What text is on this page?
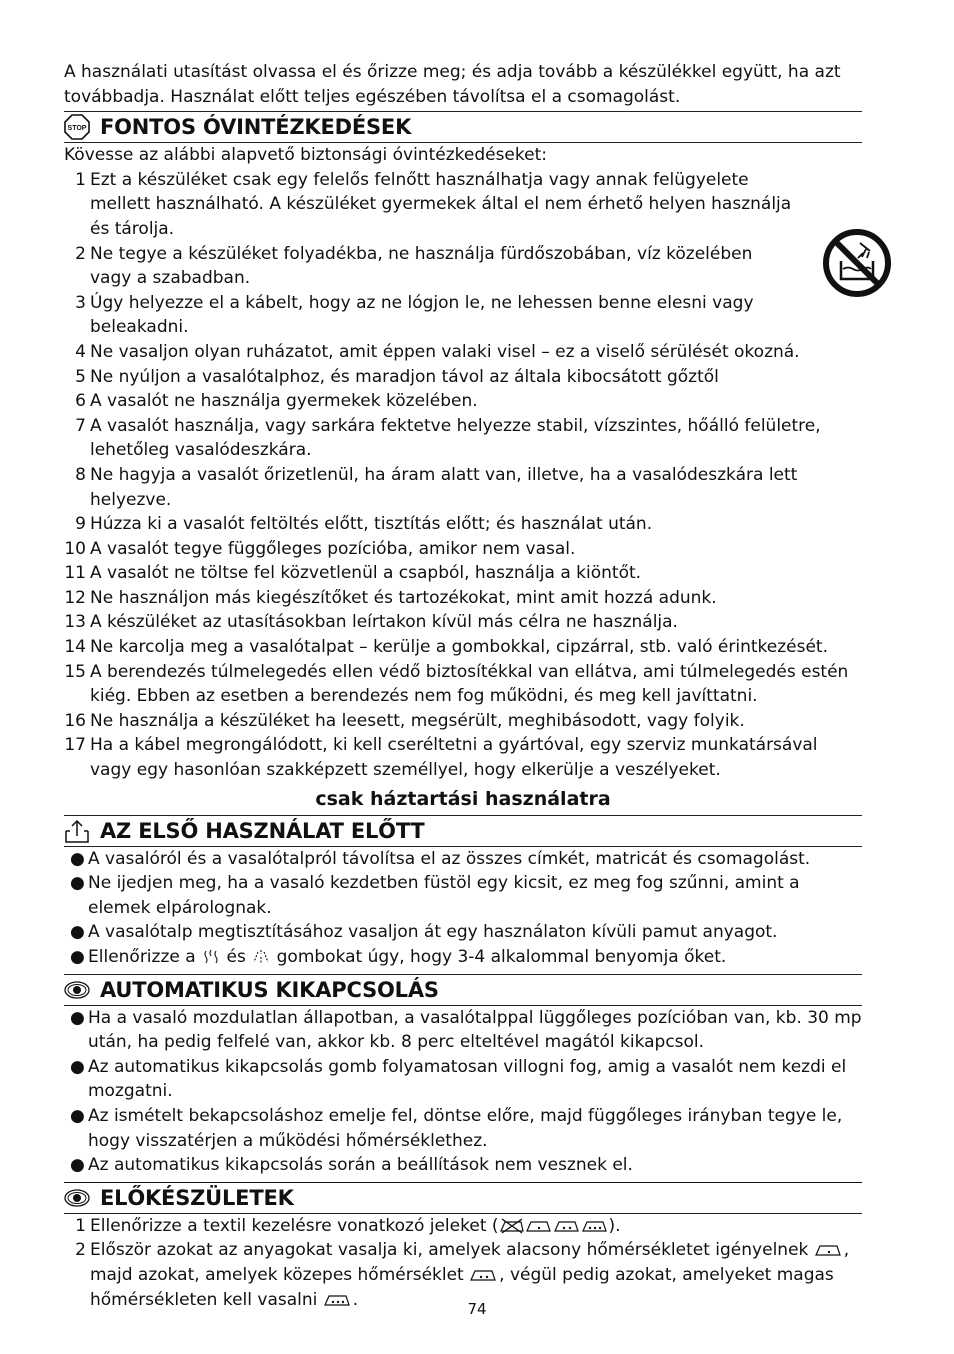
A használati utasítást olvassa el és őrizze meg; és adja tovább a készülékkel együtt, ha azt továbbadja. Használat előtt teljes egészében távolítsa el a csomagolást.

STOP FONTOS ÓVINTÉZKEDÉSEK
Kövesse az alábbi alapvető biztonsági óvintézkedéseket:
1 Ezt a készüléket csak egy felelős felnőtt használhatja vagy annak felügyelete mellett használható. A készüléket gyermekek által el nem érhető helyen használja és tárolja.
2 Ne tegye a készüléket folyadékba, ne használja fürdőszobában, víz közelében vagy a szabadban.
3 Úgy helyezze el a kábelt, hogy az ne lógjon le, ne lehessen benne elesni vagy beleakadni.
4 Ne vasaljon olyan ruházatot, amit éppen valaki visel – ez a viselő sérülését okozná.
5 Ne nyúljon a vasalótalphoz, és maradjon távol az általa kibocsátott gőztől
6 A vasalót ne használja gyermekek közelében.
7 A vasalót használja, vagy sarkára fektetve helyezze stabil, vízszintes, hőálló felületre, lehetőleg vasalódeszkára.
8 Ne hagyja a vasalót őrizetlenül, ha áram alatt van, illetve, ha a vasalódeszkára lett helyezve.
9 Húzza ki a vasalót feltöltés előtt, tisztítás előtt; és használat után.
10 A vasalót tegye függőleges pozícióba, amikor nem vasal.
11 A vasalót ne töltse fel közvetlenül a csapból, használja a kiöntőt.
12 Ne használjon más kiegészítőket és tartozékokat, mint amit hozzá adunk.
13 A készüléket az utasításokban leírtakon kívül más célra ne használja.
14 Ne karcolja meg a vasalótalpat – kerülje a gombokkal, cipzárral, stb. való érintkezését.
15 A berendezés túlmelegedés ellen védő biztosítékkal van ellátva, ami túlmelegedés estén kiég. Ebben az esetben a berendezés nem fog működni, és meg kell javíttatni.
16 Ne használja a készüléket ha leesett, megsérült, meghibásodott, vagy folyik.
17 Ha a kábel megrongálódott, ki kell cseréltetni a gyártóval, egy szerviz munkatársával vagy egy hasonlóan szakképzett személlyel, hogy elkerülje a veszélyeket.
csak háztartási használatra
AZ ELSŐ HASZNÁLAT ELŐTT
● A vasalóról és a vasalótalpról távolítsa el az összes címkét, matricát és csomagolást.
● Ne ijedjen meg, ha a vasaló kezdetben füstöl egy kicsit, ez meg fog szűnni, amint a elemek elpárolognak.
● A vasalótalp megtisztításához vasaljon át egy használaton kívüli pamut anyagot.
● Ellenőrizze a és gombokat úgy, hogy 3-4 alkalommal benyomja őket.
AUTOMATIKUS KIKAPCSOLÁS
● Ha a vasaló mozdulatlan állapotban, a vasalótalppal lüggőleges pozícióban van, kb. 30 mp után, ha pedig felfelé van, akkor kb. 8 perc elteltével magától kikapcsol.
● Az automatikus kikapcsolás gomb folyamatosan villogni fog, amig a vasalót nem kezdi el mozgatni.
● Az ismételt bekapcsoláshoz emelje fel, döntse előre, majd függőleges irányban tegye le, hogy visszatérjen a működési hőmérséklethez.
● Az automatikus kikapcsolás során a beállítások nem vesznek el.
ELŐKÉSZÜLETEK
1 Ellenőrizze a textil kezelésre vonatkozó jeleket (	).
2 Először azokat az anyagokat vasalja ki, amelyek alacsony hőmérsékletet igényelnek , majd azokat, amelyek közepes hőmérséklet , végül pedig azokat, amelyeket magas hőmérsékleten kell vasalni .	74
